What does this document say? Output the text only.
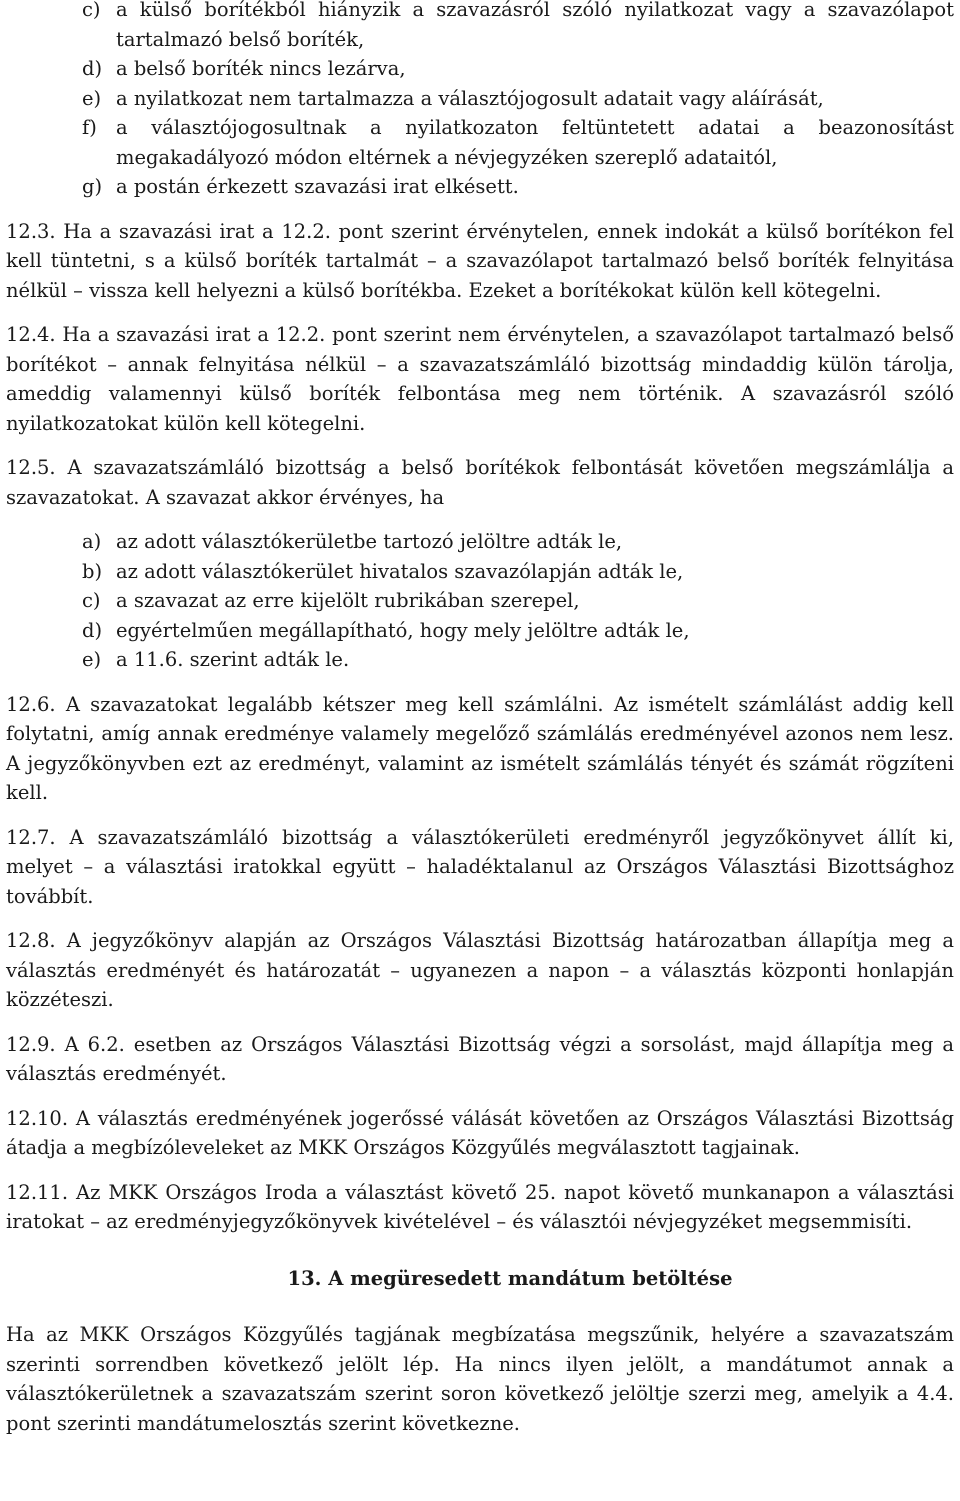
c) a külső borítékból hiányzik a szavazásról szóló nyilatkozat vagy a szavazólapot tartalmazó belső boríték,
d) a belső boríték nincs lezárva,
e) a nyilatkozat nem tartalmazza a választójogosult adatait vagy aláírását,
f) a választójogosultnak a nyilatkozaton feltüntetett adatai a beazonosítást megakadályozó módon eltérnek a névjegyzéken szereplő adataitól,
g) a postán érkezett szavazási irat elkésett.

12.3. Ha a szavazási irat a 12.2. pont szerint érvénytelen, ennek indokát a külső borítékon fel kell tüntetni, s a külső boríték tartalmát – a szavazólapot tartalmazó belső boríték felnyitása nélkül – vissza kell helyezni a külső borítékba. Ezeket a borítékokat külön kell kötegelni.

12.4. Ha a szavazási irat a 12.2. pont szerint nem érvénytelen, a szavazólapot tartalmazó belső borítékot – annak felnyitása nélkül – a szavazatszámláló bizottság mindaddig külön tárolja, ameddig valamennyi külső boríték felbontása meg nem történik. A szavazásról szóló nyilatkozatokat külön kell kötegelni.

12.5. A szavazatszámláló bizottság a belső borítékok felbontását követően megszámlálja a szavazatokat. A szavazat akkor érvényes, ha

a) az adott választókerületbe tartozó jelöltre adták le,
b) az adott választókerület hivatalos szavazólapján adták le,
c) a szavazat az erre kijelölt rubrikában szerepel,
d) egyértelműen megállapítható, hogy mely jelöltre adták le,
e) a 11.6. szerint adták le.

12.6. A szavazatokat legalább kétszer meg kell számlálni. Az ismételt számlálást addig kell folytatni, amíg annak eredménye valamely megelőző számlálás eredményével azonos nem lesz. A jegyzőkönyvben ezt az eredményt, valamint az ismételt számlálás tényét és számát rögzíteni kell.

12.7. A szavazatszámláló bizottság a választókerületi eredményről jegyzőkönyvet állít ki, melyet – a választási iratokkal együtt – haladéktalanul az Országos Választási Bizottsághoz továbbít.

12.8. A jegyzőkönyv alapján az Országos Választási Bizottság határozatban állapítja meg a választás eredményét és határozatát – ugyanezen a napon – a választás központi honlapján közzéteszi.

12.9. A 6.2. esetben az Országos Választási Bizottság végzi a sorsolást, majd állapítja meg a választás eredményét.

12.10. A választás eredményének jogerőssé válását követően az Országos Választási Bizottság átadja a megbízóleveleket az MKK Országos Közgyűlés megválasztott tagjainak.

12.11. Az MKK Országos Iroda a választást követő 25. napot követő munkanapon a választási iratokat – az eredményjegyzőkönyvek kivételével – és választói névjegyzéket megsemmisíti.

13. A megüresedett mandátum betöltése

Ha az MKK Országos Közgyűlés tagjának megbízatása megszűnik, helyére a szavazatszám szerinti sorrendben következő jelölt lép. Ha nincs ilyen jelölt, a mandátumot annak a választókerületnek a szavazatszám szerint soron következő jelöltje szerzi meg, amelyik a 4.4. pont szerinti mandátumelosztás szerint következne.
